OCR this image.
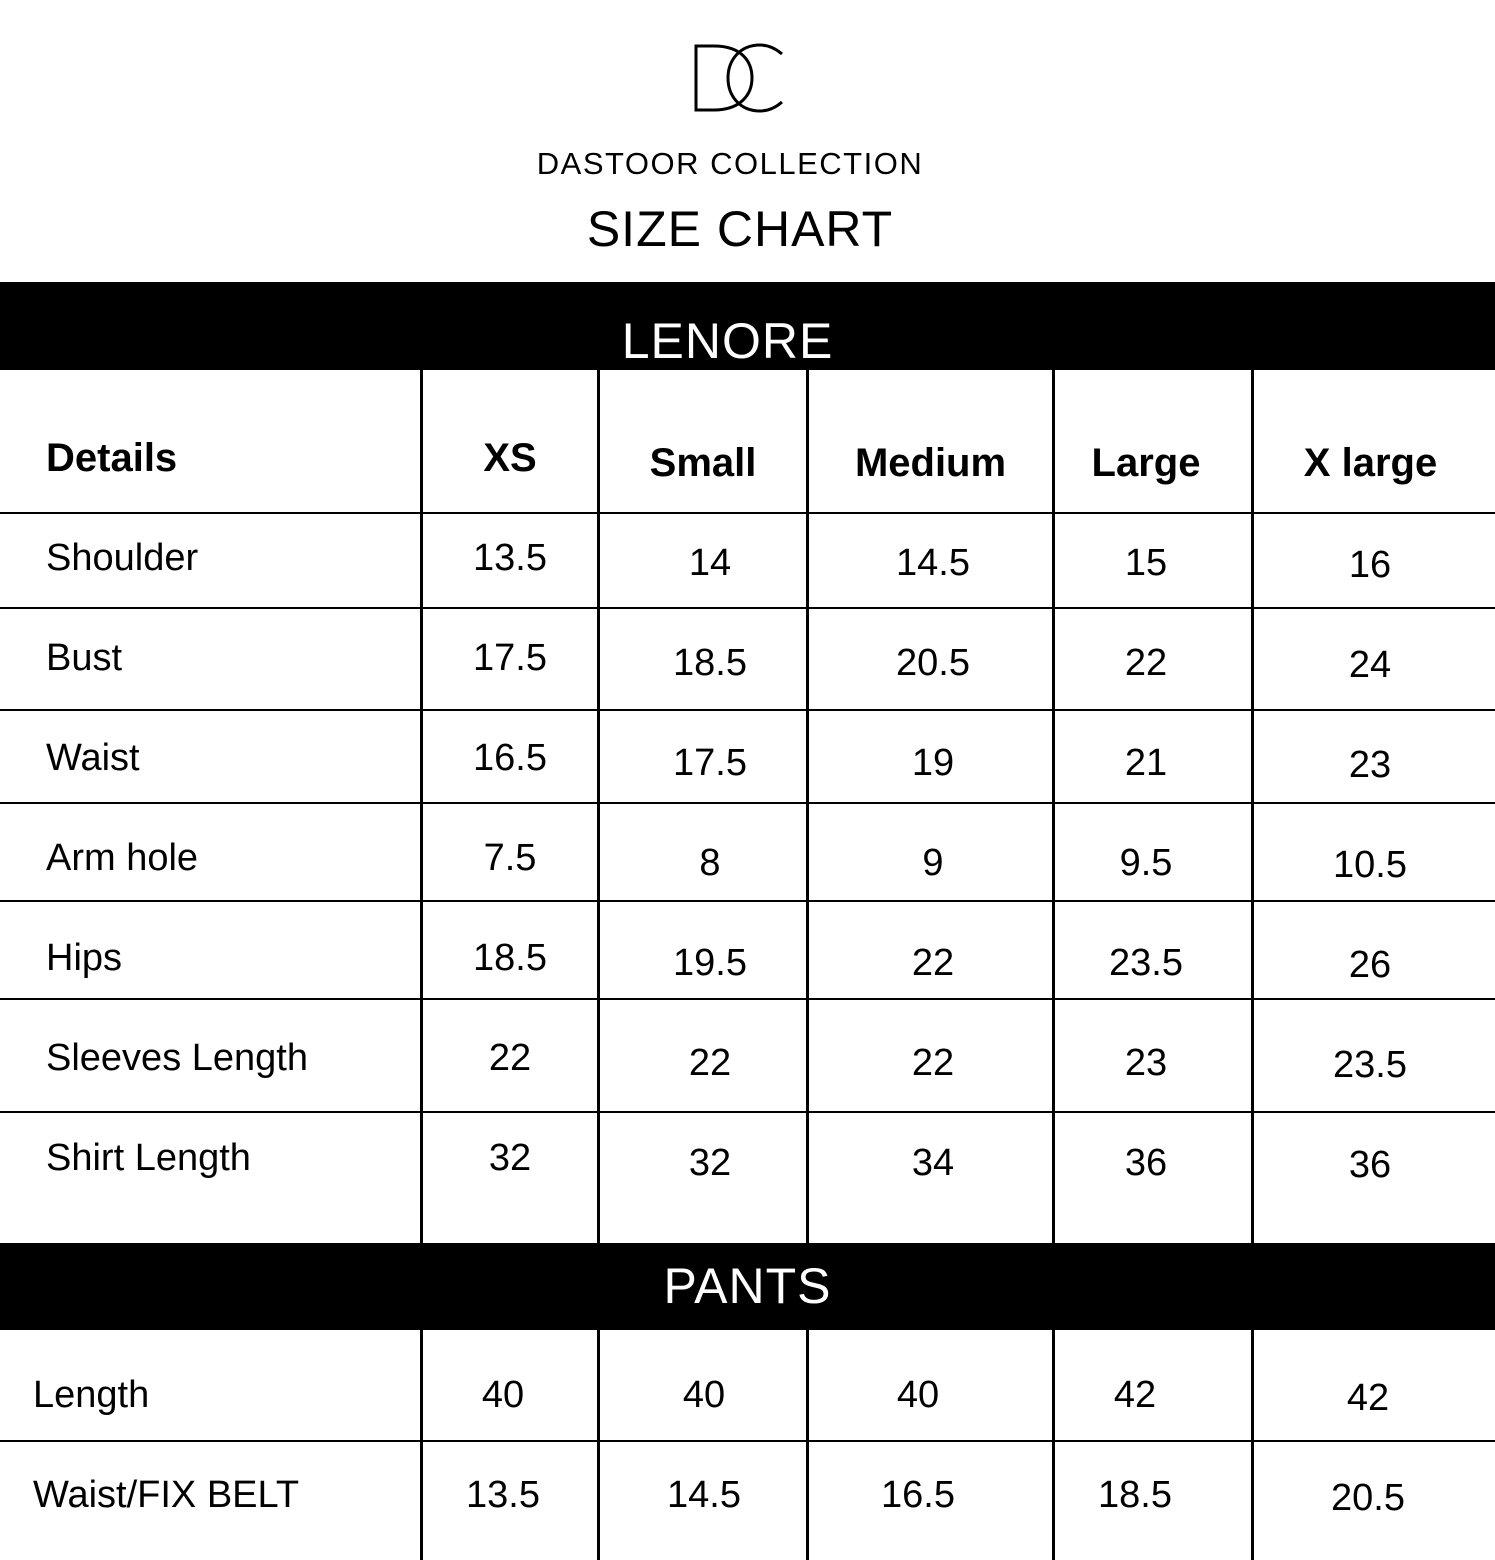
DASTOOR COLLECTION
SIZE CHART
LENORE
PANTS
Details	XS	Small	Medium	Large	X large
Shoulder	13.5	14	14.5	15	16
Bust	17.5	18.5	20.5	22	24
Waist	16.5	17.5	19	21	23
Arm hole	7.5	8	9	9.5	10.5
Hips	18.5	19.5	22	23.5	26
Sleeves Length	22	22	22	23	23.5
Shirt Length	32	32	34	36	36
Length	40	40	40	42	42
Waist/FIX BELT	13.5	14.5	16.5	18.5	20.5
